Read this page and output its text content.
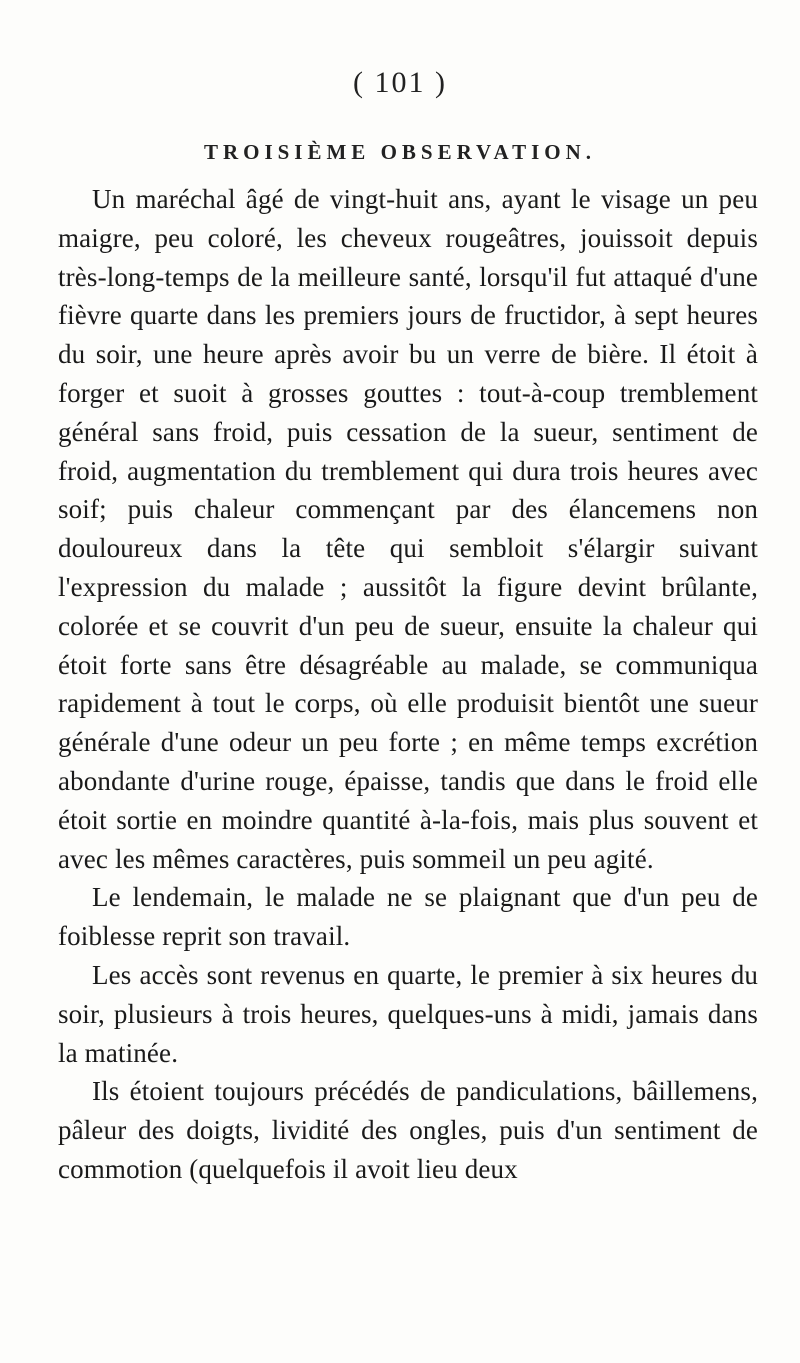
( 101 )
TROISIÈME OBSERVATION.

Un maréchal âgé de vingt-huit ans, ayant le visage un peu maigre, peu coloré, les cheveux rougeâtres, jouissoit depuis très-long-temps de la meilleure santé, lorsqu'il fut attaqué d'une fièvre quarte dans les premiers jours de fructidor, à sept heures du soir, une heure après avoir bu un verre de bière. Il étoit à forger et suoit à grosses gouttes : tout-à-coup tremblement général sans froid, puis cessation de la sueur, sentiment de froid, augmentation du tremblement qui dura trois heures avec soif; puis chaleur commençant par des élancemens non douloureux dans la tête qui sembloit s'élargir suivant l'expression du malade ; aussitôt la figure devint brûlante, colorée et se couvrit d'un peu de sueur, ensuite la chaleur qui étoit forte sans être désagréable au malade, se communiqua rapidement à tout le corps, où elle produisit bientôt une sueur générale d'une odeur un peu forte ; en même temps excrétion abondante d'urine rouge, épaisse, tandis que dans le froid elle étoit sortie en moindre quantité à-la-fois, mais plus souvent et avec les mêmes caractères, puis sommeil un peu agité.

Le lendemain, le malade ne se plaignant que d'un peu de foiblesse reprit son travail.

Les accès sont revenus en quarte, le premier à six heures du soir, plusieurs à trois heures, quelques-uns à midi, jamais dans la matinée.

Ils étoient toujours précédés de pandiculations, bâillemens, pâleur des doigts, lividité des ongles, puis d'un sentiment de commotion (quelquefois il avoit lieu deux
